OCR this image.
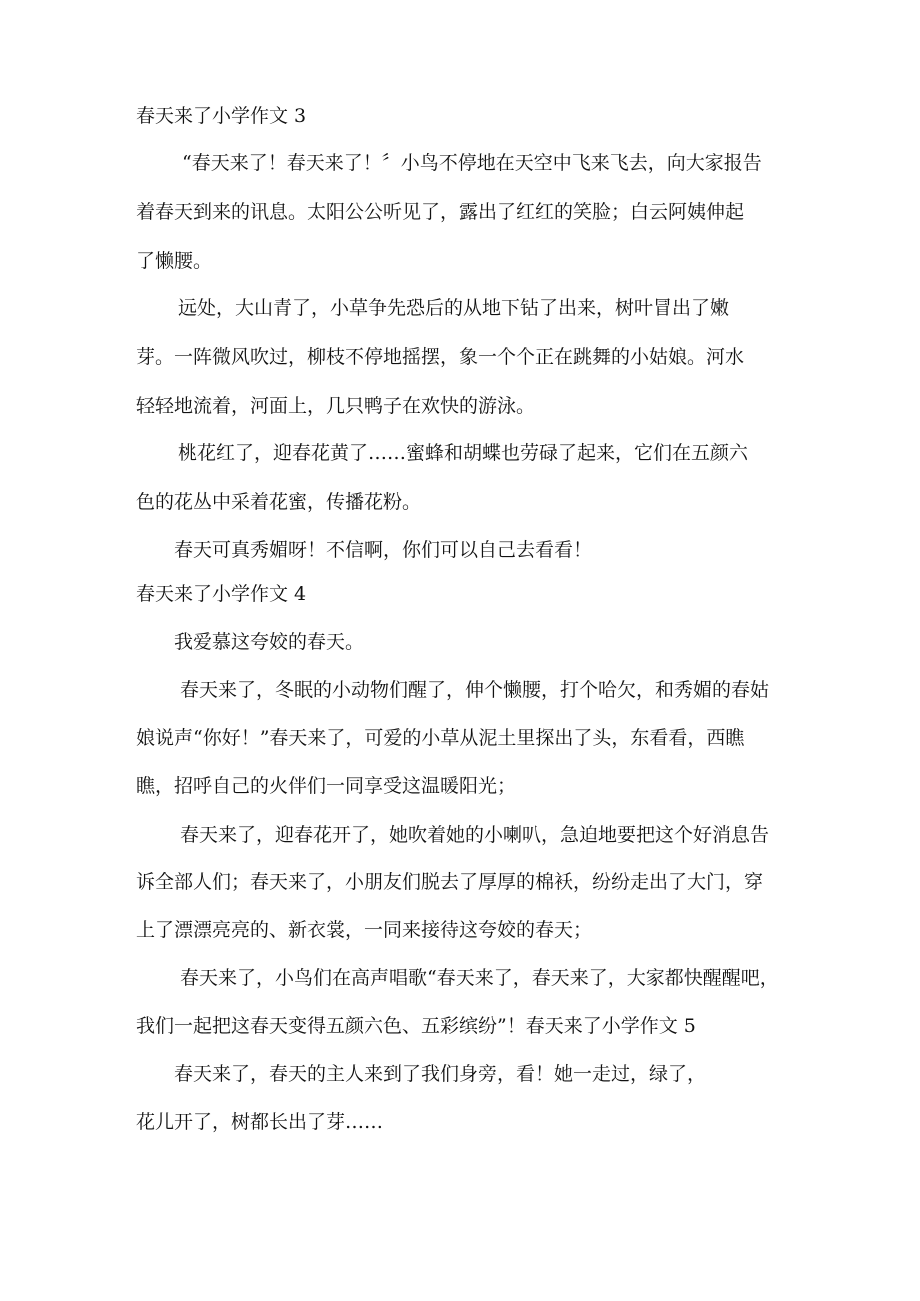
春天来了小学作文 3
“春天来了！春天来了！〞小鸟不停地在天空中飞来飞去，向大家报告
着春天到来的讯息。太阳公公听见了，露出了红红的笑脸；白云阿姨伸起
了懒腰。
远处，大山青了，小草争先恐后的从地下钻了出来，树叶冒出了嫩
芽。一阵微风吹过，柳枝不停地摇摆，象一个个正在跳舞的小姑娘。河水
轻轻地流着，河面上，几只鸭子在欢快的游泳。
桃花红了，迎春花黄了……蜜蜂和胡蝶也劳碌了起来，它们在五颜六
色的花丛中采着花蜜，传播花粉。
春天可真秀媚呀！不信啊，你们可以自己去看看！
春天来了小学作文 4
我爱慕这夸姣的春天。
春天来了，冬眠的小动物们醒了，伸个懒腰，打个哈欠，和秀媚的春姑
娘说声“你好！”春天来了，可爱的小草从泥土里探出了头，东看看，西瞧
瞧，招呼自己的火伴们一同享受这温暖阳光；
春天来了，迎春花开了，她吹着她的小喇叭，急迫地要把这个好消息告
诉全部人们；春天来了，小朋友们脱去了厚厚的棉袄，纷纷走出了大门，穿
上了漂漂亮亮的、新衣裳，一同来接待这夸姣的春天；
春天来了，小鸟们在高声唱歌“春天来了，春天来了，大家都快醒醒吧，
我们一起把这春天变得五颜六色、五彩缤纷”！春天来了小学作文 5
春天来了，春天的主人来到了我们身旁，看！她一走过，绿了，
花儿开了，树都长出了芽……
